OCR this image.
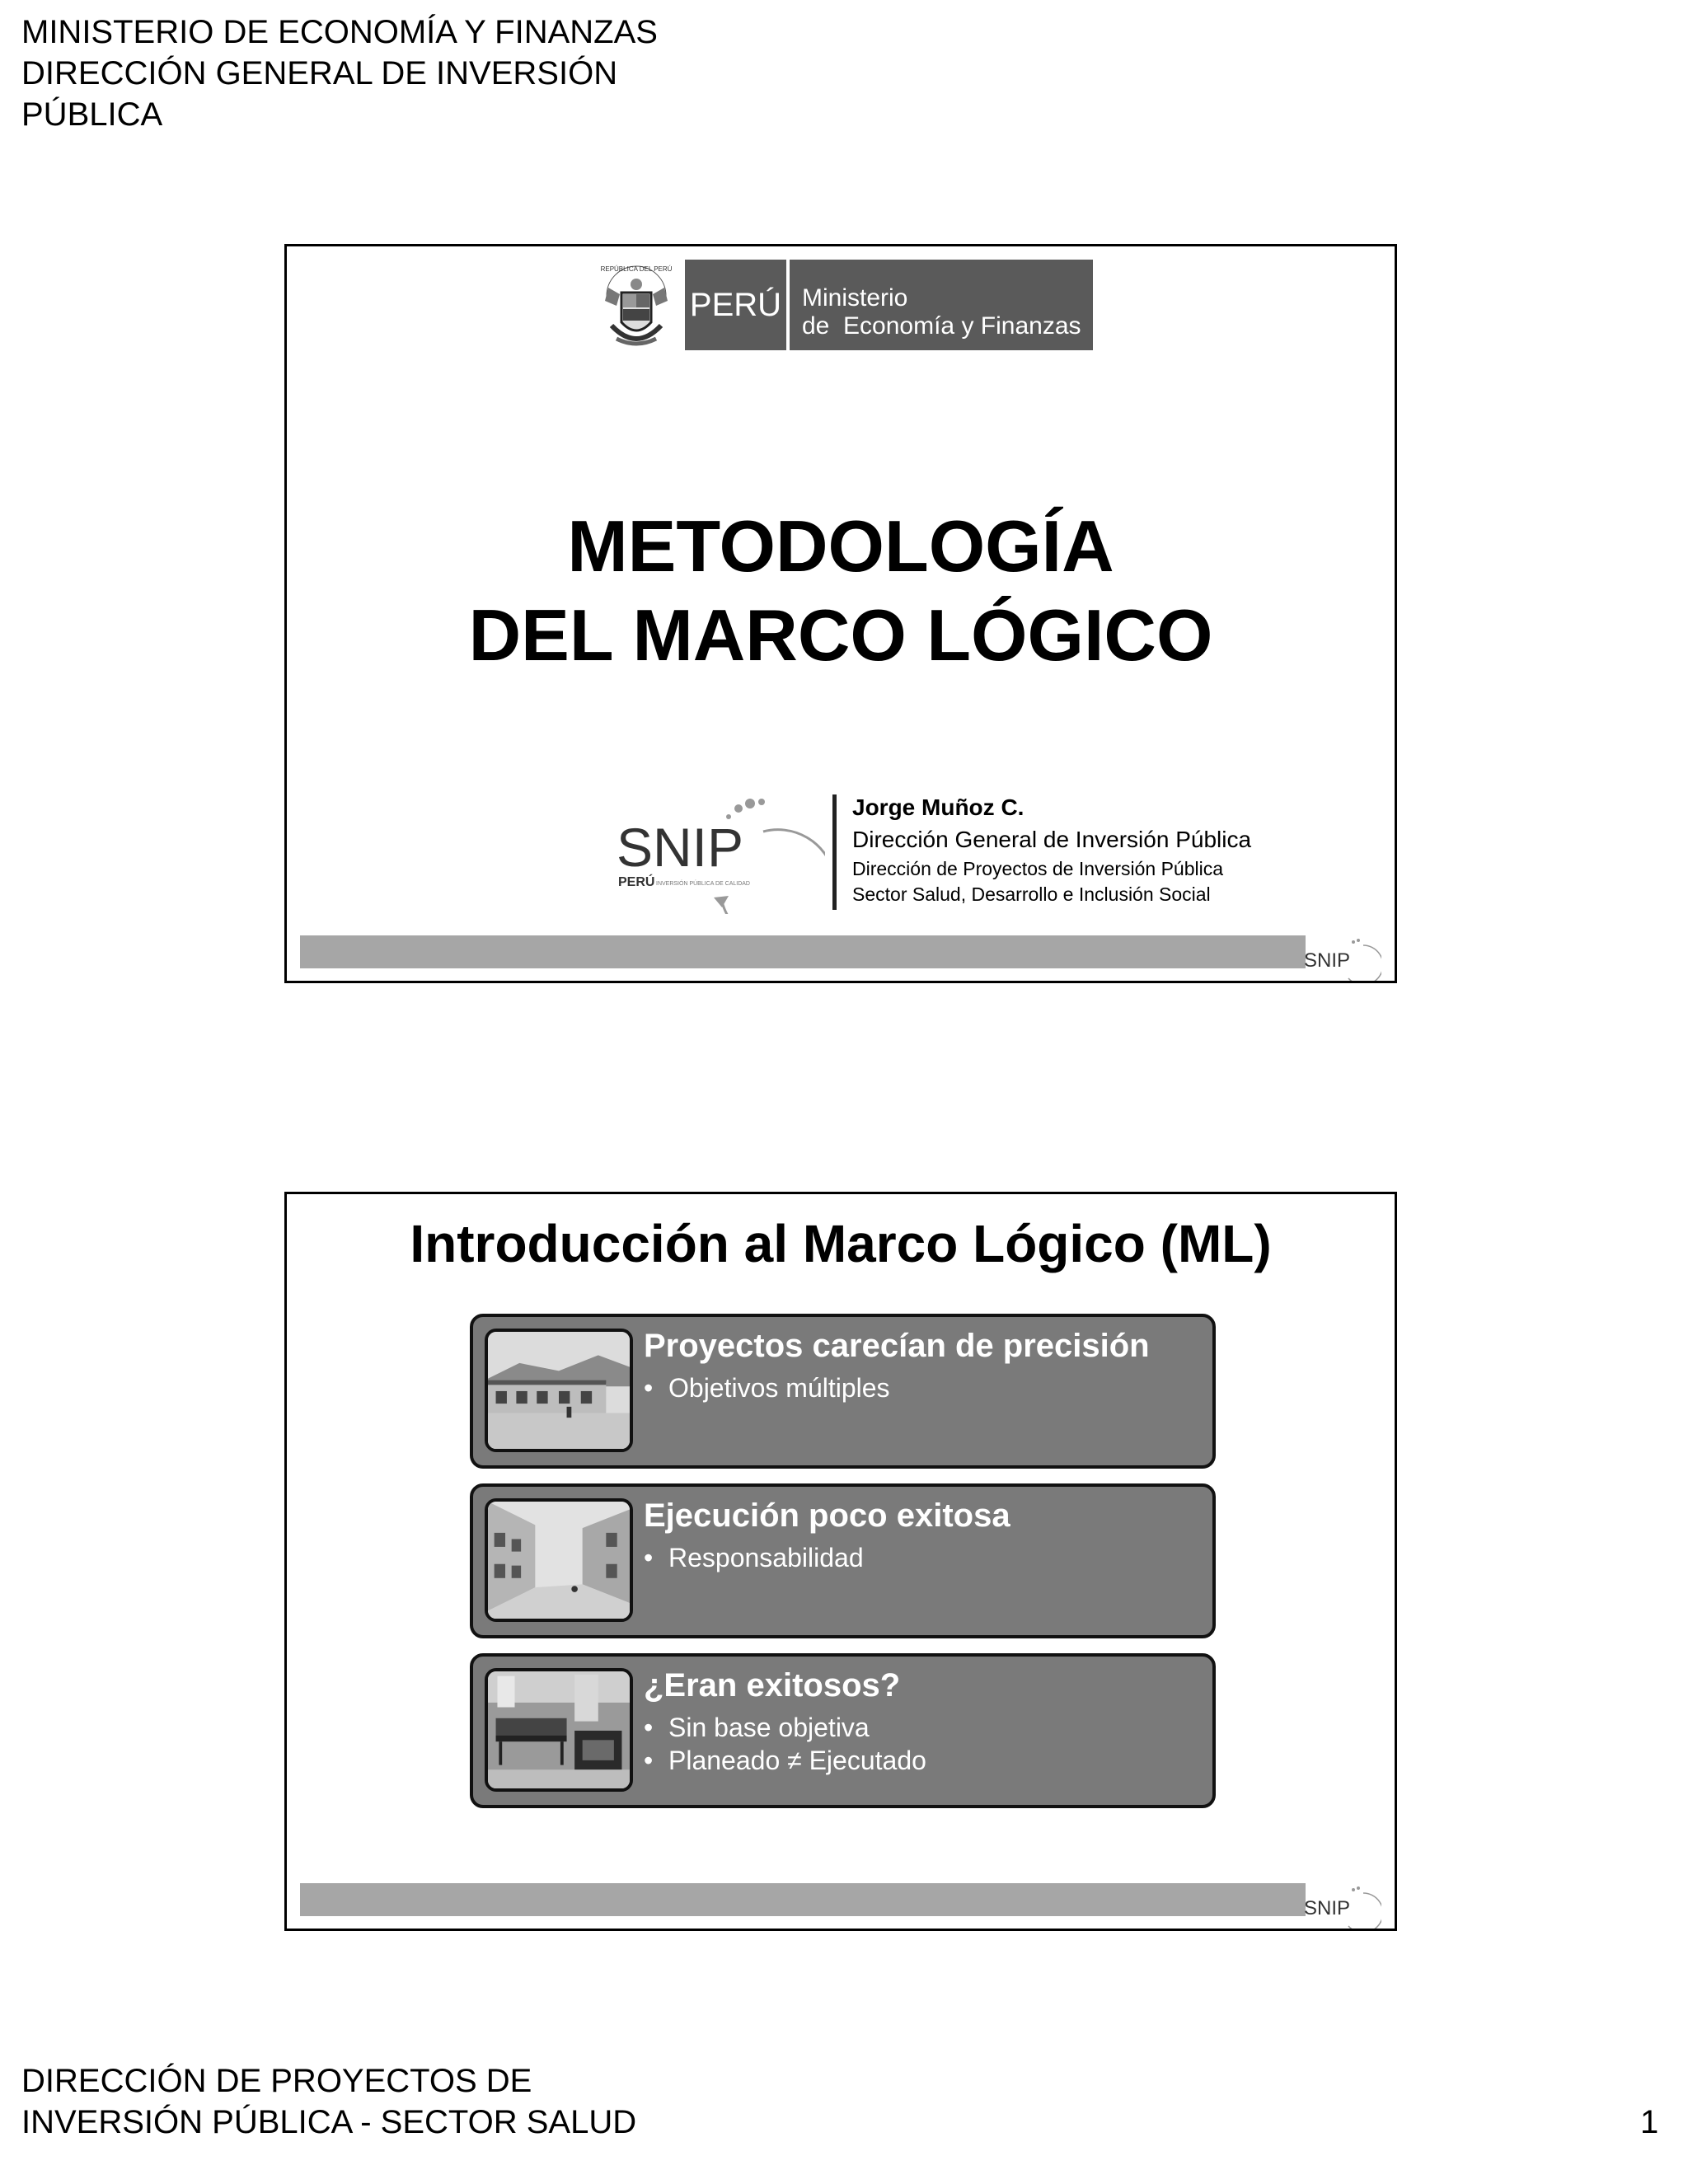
MINISTERIO DE ECONOMÍA Y FINANZAS
DIRECCIÓN GENERAL DE INVERSIÓN
PÚBLICA
REPÚBLICA DEL PERÚ
PERÚ Ministerio
de  Economía y Finanzas
METODOLOGÍA
DEL MARCO LÓGICO
SNIP
PERÚ INVERSIÓN PÚBLICA DE CALIDAD
Jorge Muñoz C.
Dirección General de Inversión Pública
Dirección de Proyectos de Inversión Pública
Sector Salud, Desarrollo e Inclusión Social
SNIP
Introducción al Marco Lógico (ML)
Proyectos carecían de precisión
• Objetivos múltiples
Ejecución poco exitosa
• Responsabilidad
¿Eran exitosos?
• Sin base objetiva
• Planeado ≠ Ejecutado
SNIP
DIRECCIÓN DE PROYECTOS DE
INVERSIÓN PÚBLICA - SECTOR SALUD	1
